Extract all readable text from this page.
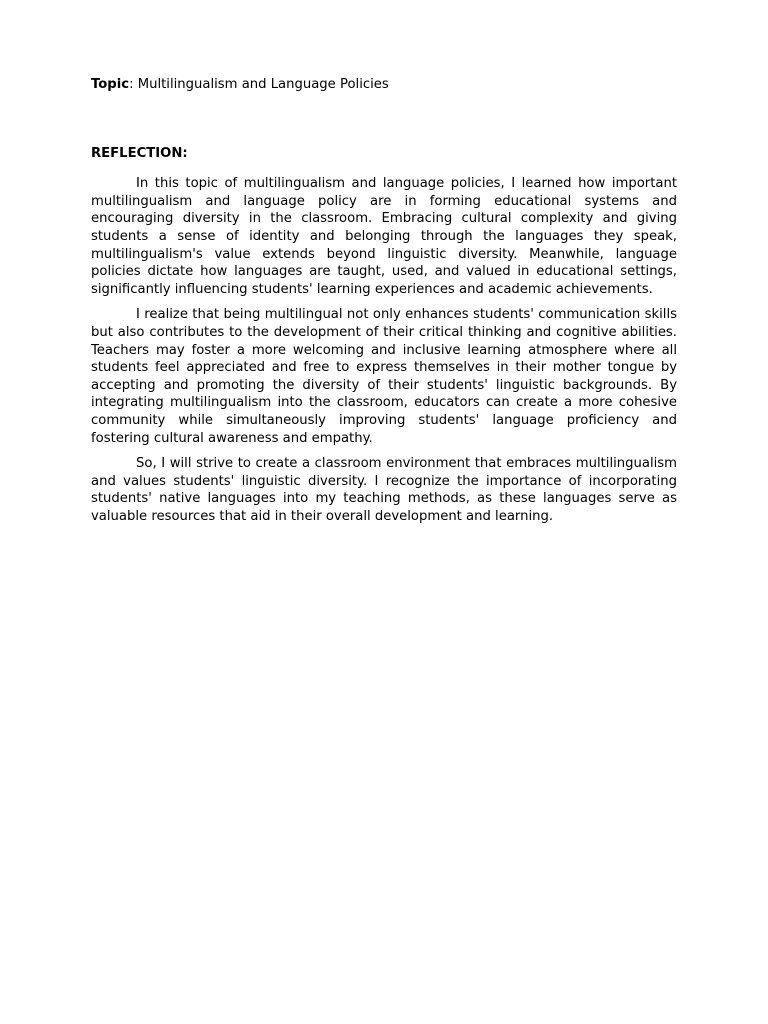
Topic: Multilingualism and Language Policies

REFLECTION:

In this topic of multilingualism and language policies, I learned how important multilingualism and language policy are in forming educational systems and encouraging diversity in the classroom. Embracing cultural complexity and giving students a sense of identity and belonging through the languages they speak, multilingualism's value extends beyond linguistic diversity. Meanwhile, language policies dictate how languages are taught, used, and valued in educational settings, significantly influencing students' learning experiences and academic achievements.

I realize that being multilingual not only enhances students' communication skills but also contributes to the development of their critical thinking and cognitive abilities. Teachers may foster a more welcoming and inclusive learning atmosphere where all students feel appreciated and free to express themselves in their mother tongue by accepting and promoting the diversity of their students' linguistic backgrounds. By integrating multilingualism into the classroom, educators can create a more cohesive community while simultaneously improving students' language proficiency and fostering cultural awareness and empathy.

So, I will strive to create a classroom environment that embraces multilingualism and values students' linguistic diversity. I recognize the importance of incorporating students' native languages into my teaching methods, as these languages serve as valuable resources that aid in their overall development and learning.
